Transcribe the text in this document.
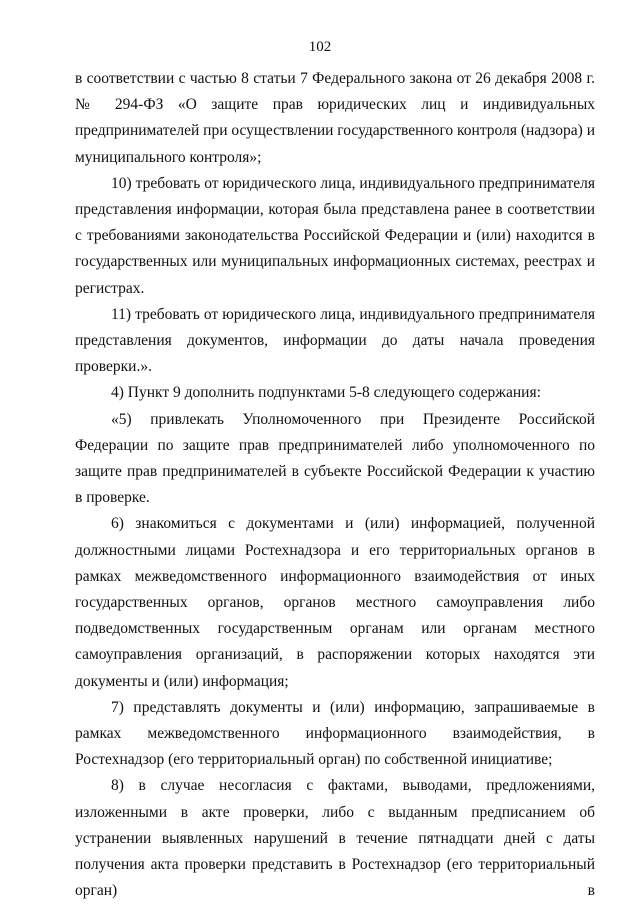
102

в соответствии с частью 8 статьи 7 Федерального закона от 26 декабря 2008 г. № 294-ФЗ «О защите прав юридических лиц и индивидуальных предпринимателей при осуществлении государственного контроля (надзора) и муниципального контроля»;

10) требовать от юридического лица, индивидуального предпринимателя представления информации, которая была представлена ранее в соответствии с требованиями законодательства Российской Федерации и (или) находится в государственных или муниципальных информационных системах, реестрах и регистрах.

11) требовать от юридического лица, индивидуального предпринимателя представления документов, информации до даты начала проведения проверки.».

4) Пункт 9 дополнить подпунктами 5-8 следующего содержания:

«5) привлекать Уполномоченного при Президенте Российской Федерации по защите прав предпринимателей либо уполномоченного по защите прав предпринимателей в субъекте Российской Федерации к участию в проверке.

6) знакомиться с документами и (или) информацией, полученной должностными лицами Ростехнадзора и его территориальных органов в рамках межведомственного информационного взаимодействия от иных государственных органов, органов местного самоуправления либо подведомственных государственным органам или органам местного самоуправления организаций, в распоряжении которых находятся эти документы и (или) информация;

7) представлять документы и (или) информацию, запрашиваемые в рамках межведомственного информационного взаимодействия, в Ростехнадзор (его территориальный орган) по собственной инициативе;

8) в случае несогласия с фактами, выводами, предложениями, изложенными в акте проверки, либо с выданным предписанием об устранении выявленных нарушений в течение пятнадцати дней с даты получения акта проверки представить в Ростехнадзор (его территориальный орган) в
